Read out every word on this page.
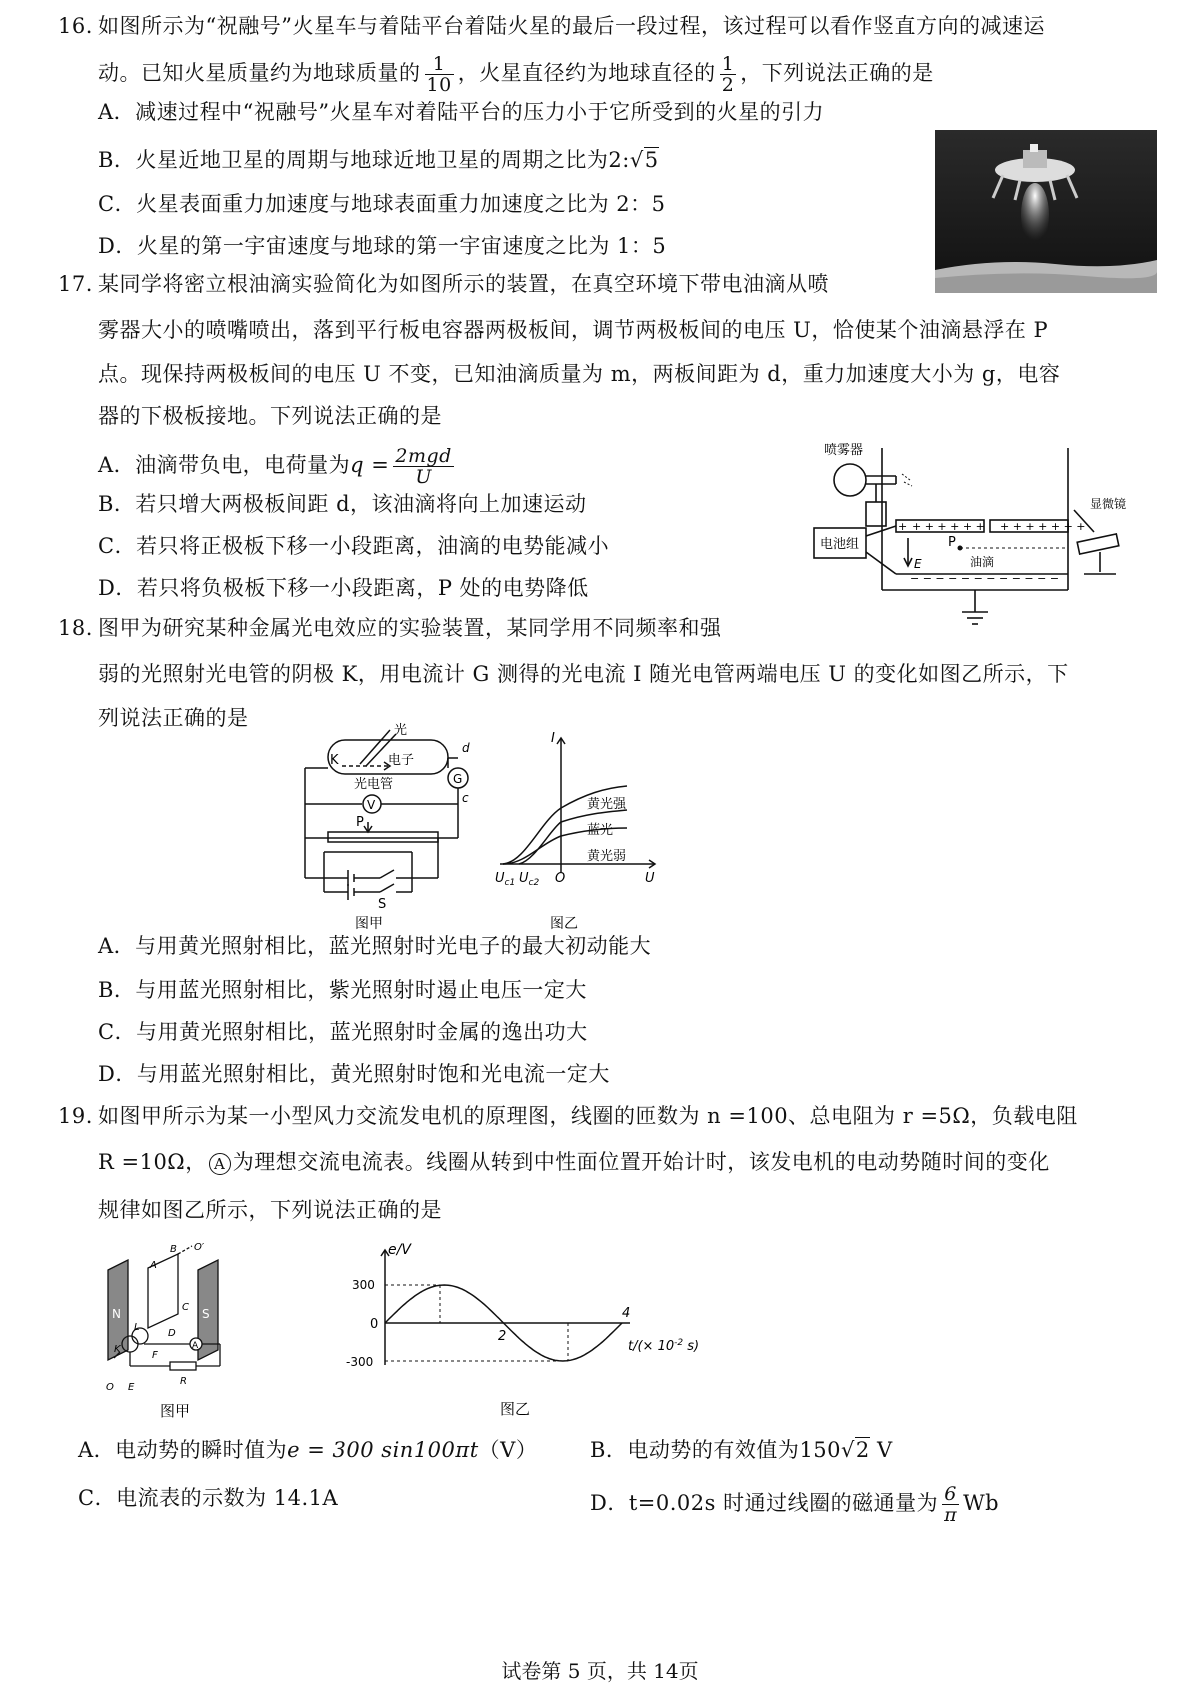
16. 如图所示为“祝融号”火星车与着陆平台着陆火星的最后一段过程，该过程可以看作竖直方向的减速运
动。已知火星质量约为地球质量的 $\frac{1}{10}$ ，火星直径约为地球直径的 $\frac{1}{2}$ ，下列说法正确的是
A．减速过程中“祝融号”火星车对着陆平台的压力小于它所受到的火星的引力
B．火星近地卫星的周期与地球近地卫星的周期之比为2:√5
C．火星表面重力加速度与地球表面重力加速度之比为 2：5
D．火星的第一宇宙速度与地球的第一宇宙速度之比为 1：5
17. 某同学将密立根油滴实验简化为如图所示的装置，在真空环境下带电油滴从喷
雾器大小的喷嘴喷出，落到平行板电容器两极板间，调节两极板间的电压 U，恰使某个油滴悬浮在 P
点。现保持两极板间的电压 U 不变，已知油滴质量为 m，两板间距为 d，重力加速度大小为 g，电容
器的下极板接地。下列说法正确的是
A．油滴带负电，电荷量为$q = \frac{\text{2mgd}}{U}$
B．若只增大两极板间距 d，该油滴将向上加速运动
C．若只将正极板下移一小段距离，油滴的电势能减小
D．若只将负极板下移一小段距离，P 处的电势降低
+ + + + + + + + + + + + + +
− − − − − − − − − − − −
喷雾器
显微镜
电池组
E
P
油滴
18. 图甲为研究某种金属光电效应的实验装置，某同学用不同频率和强
弱的光照射光电管的阴极 K，用电流计 G 测得的光电流 I 随光电管两端电压 U 的变化如图乙所示，下
列说法正确的是
光
K	电子
光电管
d
c
G
V
P
S
图甲
I
U
O
$U_{c1}$ $U_{c2}$
黄光强
蓝光
黄光弱
图乙
A．与用黄光照射相比，蓝光照射时光电子的最大初动能大
B．与用蓝光照射相比，紫光照射时遏止电压一定大
C．与用黄光照射相比，蓝光照射时金属的逸出功大
D．与用蓝光照射相比，黄光照射时饱和光电流一定大
19. 如图甲所示为某一小型风力交流发电机的原理图，线圈的匝数为 n =100、总电阻为 r =5Ω，负载电阻
R =10Ω， A 为理想交流电流表。线圈从转到中性面位置开始计时，该发电机的电动势随时间的变化
规律如图乙所示，下列说法正确的是
N	S
A
B
C
D
E
F
K
L
O
O′
R
A
图甲
e/V
300
0
-300
2
4
$t/(\times 10^{-2}$ s)
图乙
A．电动势的瞬时值为e = 300 sin100πt（V）	B．电动势的有效值为150√2 V
C．电流表的示数为 14.1A	D．t=0.02s 时通过线圈的磁通量为 $\frac{6}{\pi}$ Wb
试卷第 5 页，共 14页
